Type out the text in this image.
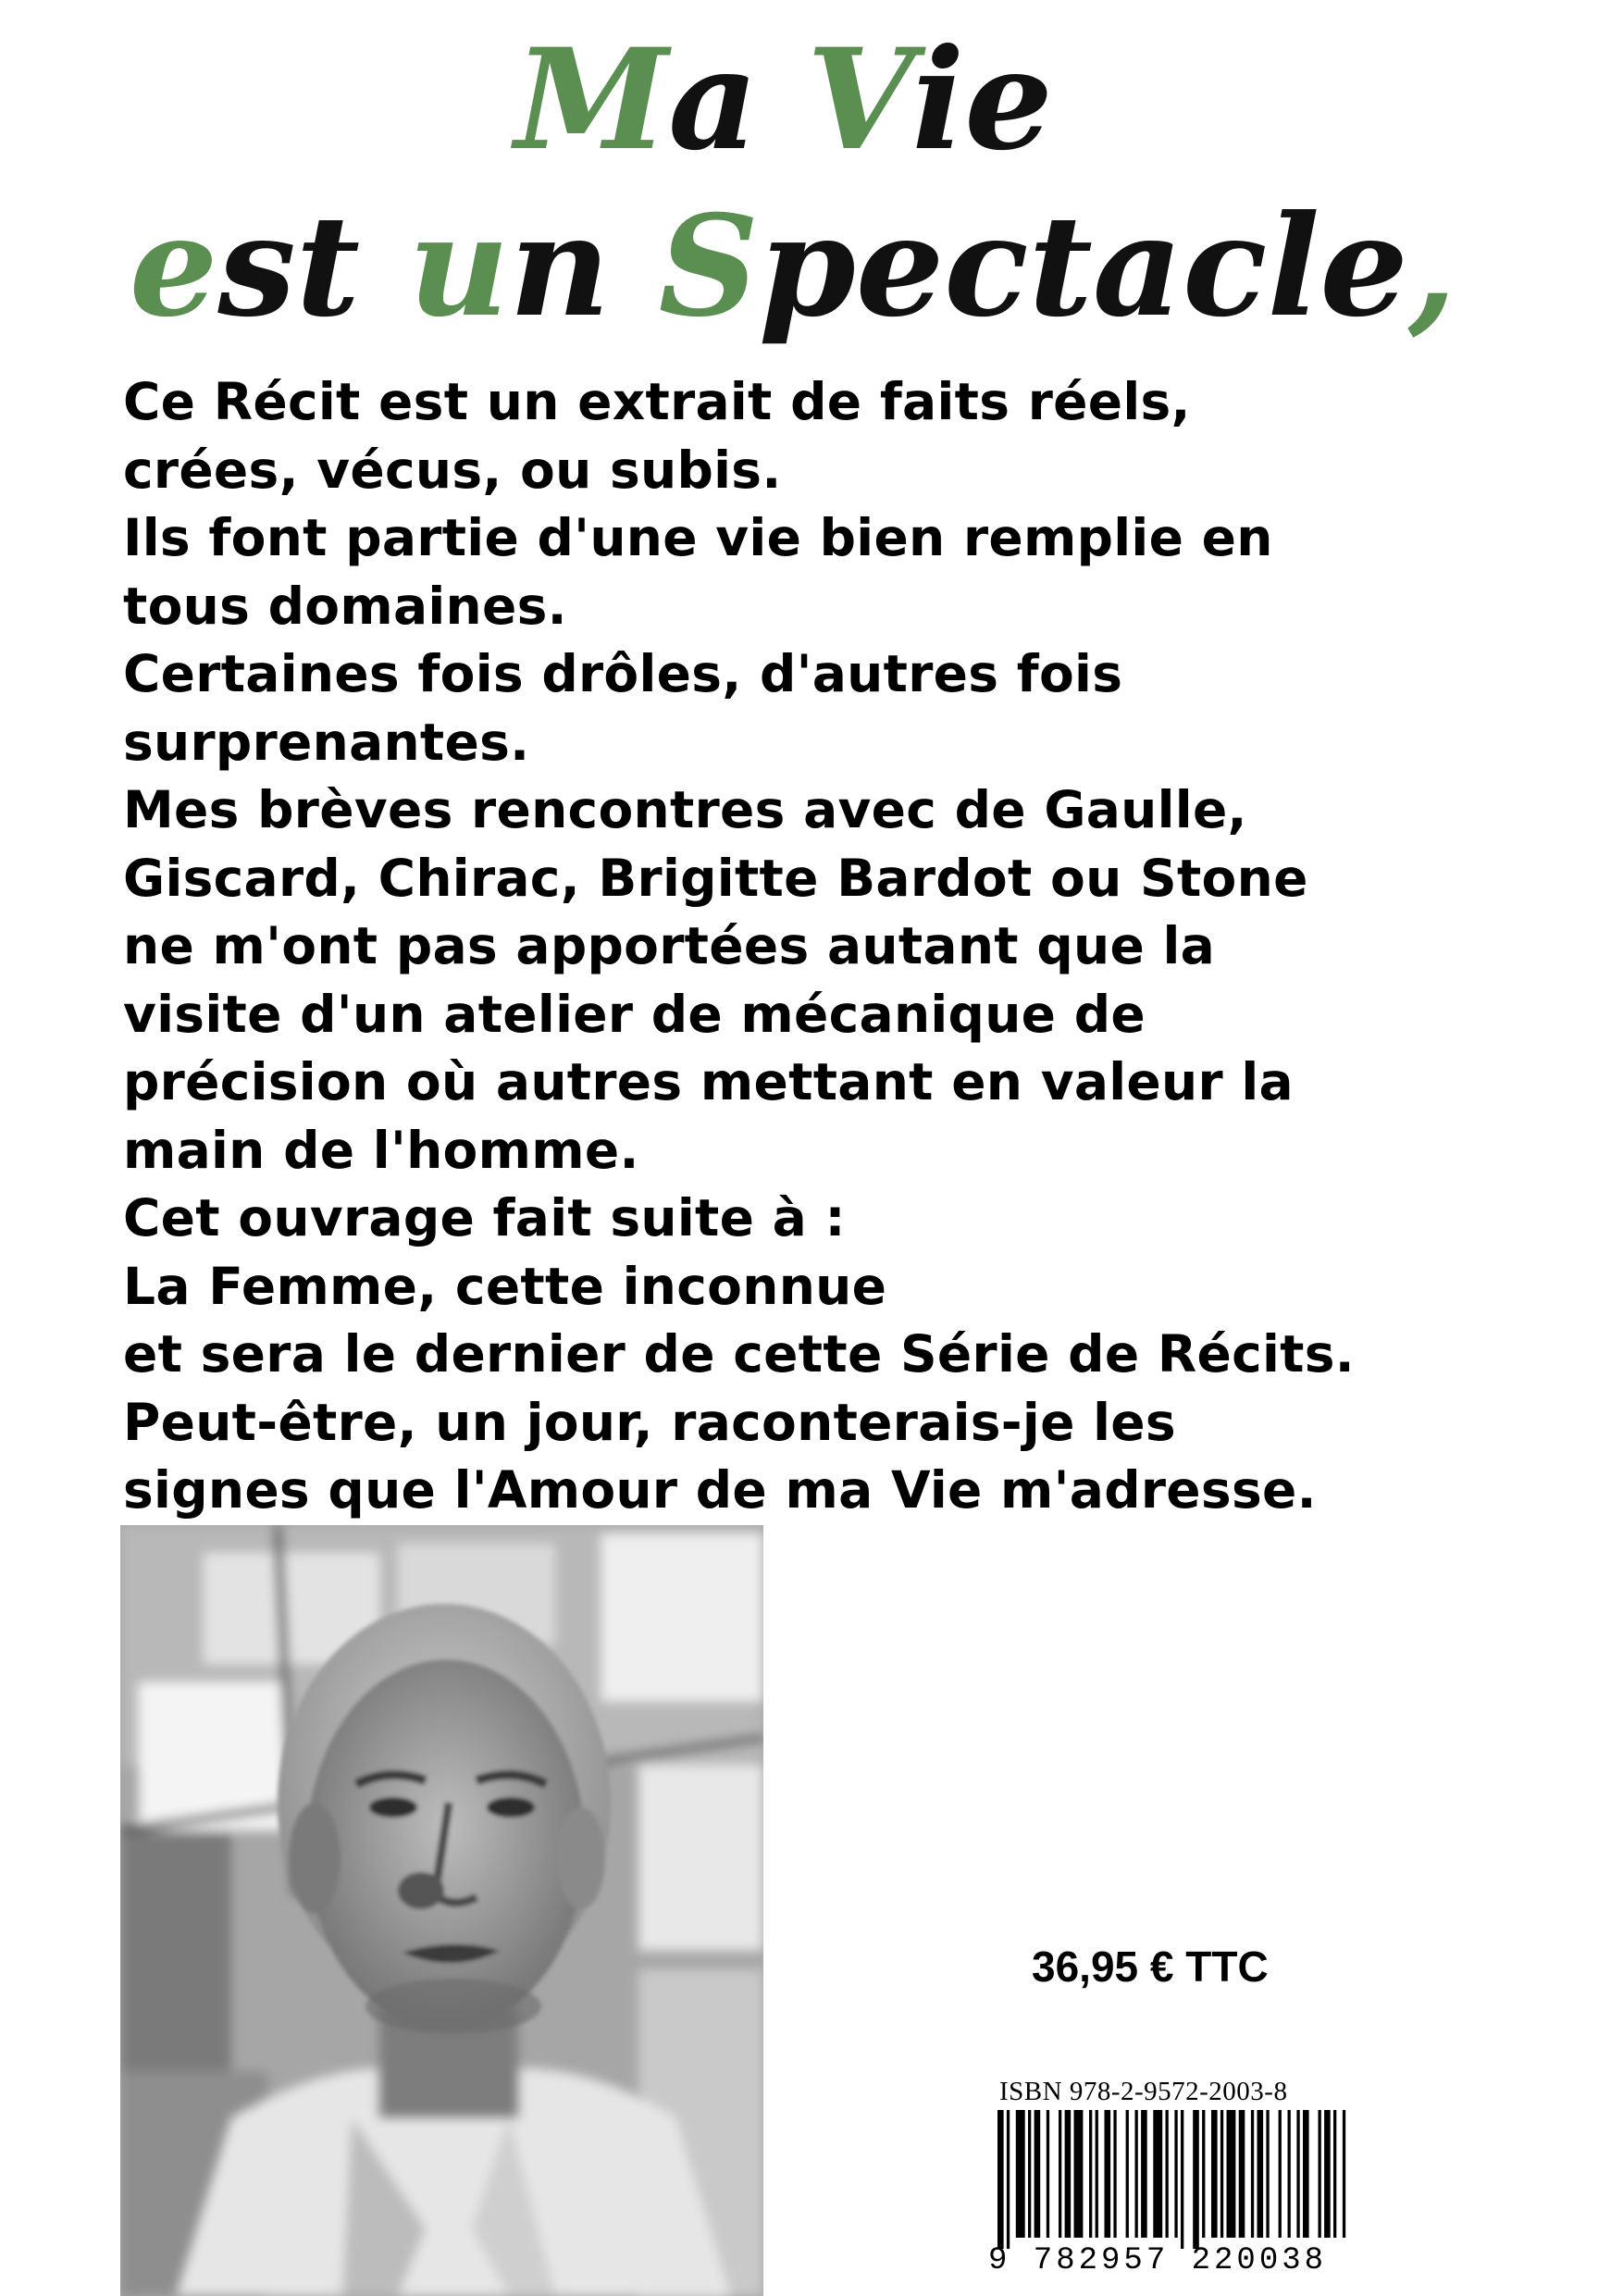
Ma Vie
est un Spectacle,
Ce Récit est un extrait de faits réels,
crées, vécus, ou subis.
Ils font partie d'une vie bien remplie en
tous domaines.
Certaines fois drôles, d'autres fois
surprenantes.
Mes brèves rencontres avec de Gaulle,
Giscard, Chirac, Brigitte Bardot ou Stone
ne m'ont pas apportées autant que la
visite d'un atelier de mécanique de
précision où autres mettant en valeur la
main de l'homme.
Cet ouvrage fait suite à :
La Femme, cette inconnue
et sera le dernier de cette Série de Récits.
Peut-être, un jour, raconterais-je les
signes que l'Amour de ma Vie m'adresse.
36,95 € TTC
ISBN 978-2-9572-2003-8
9 782957 220038
